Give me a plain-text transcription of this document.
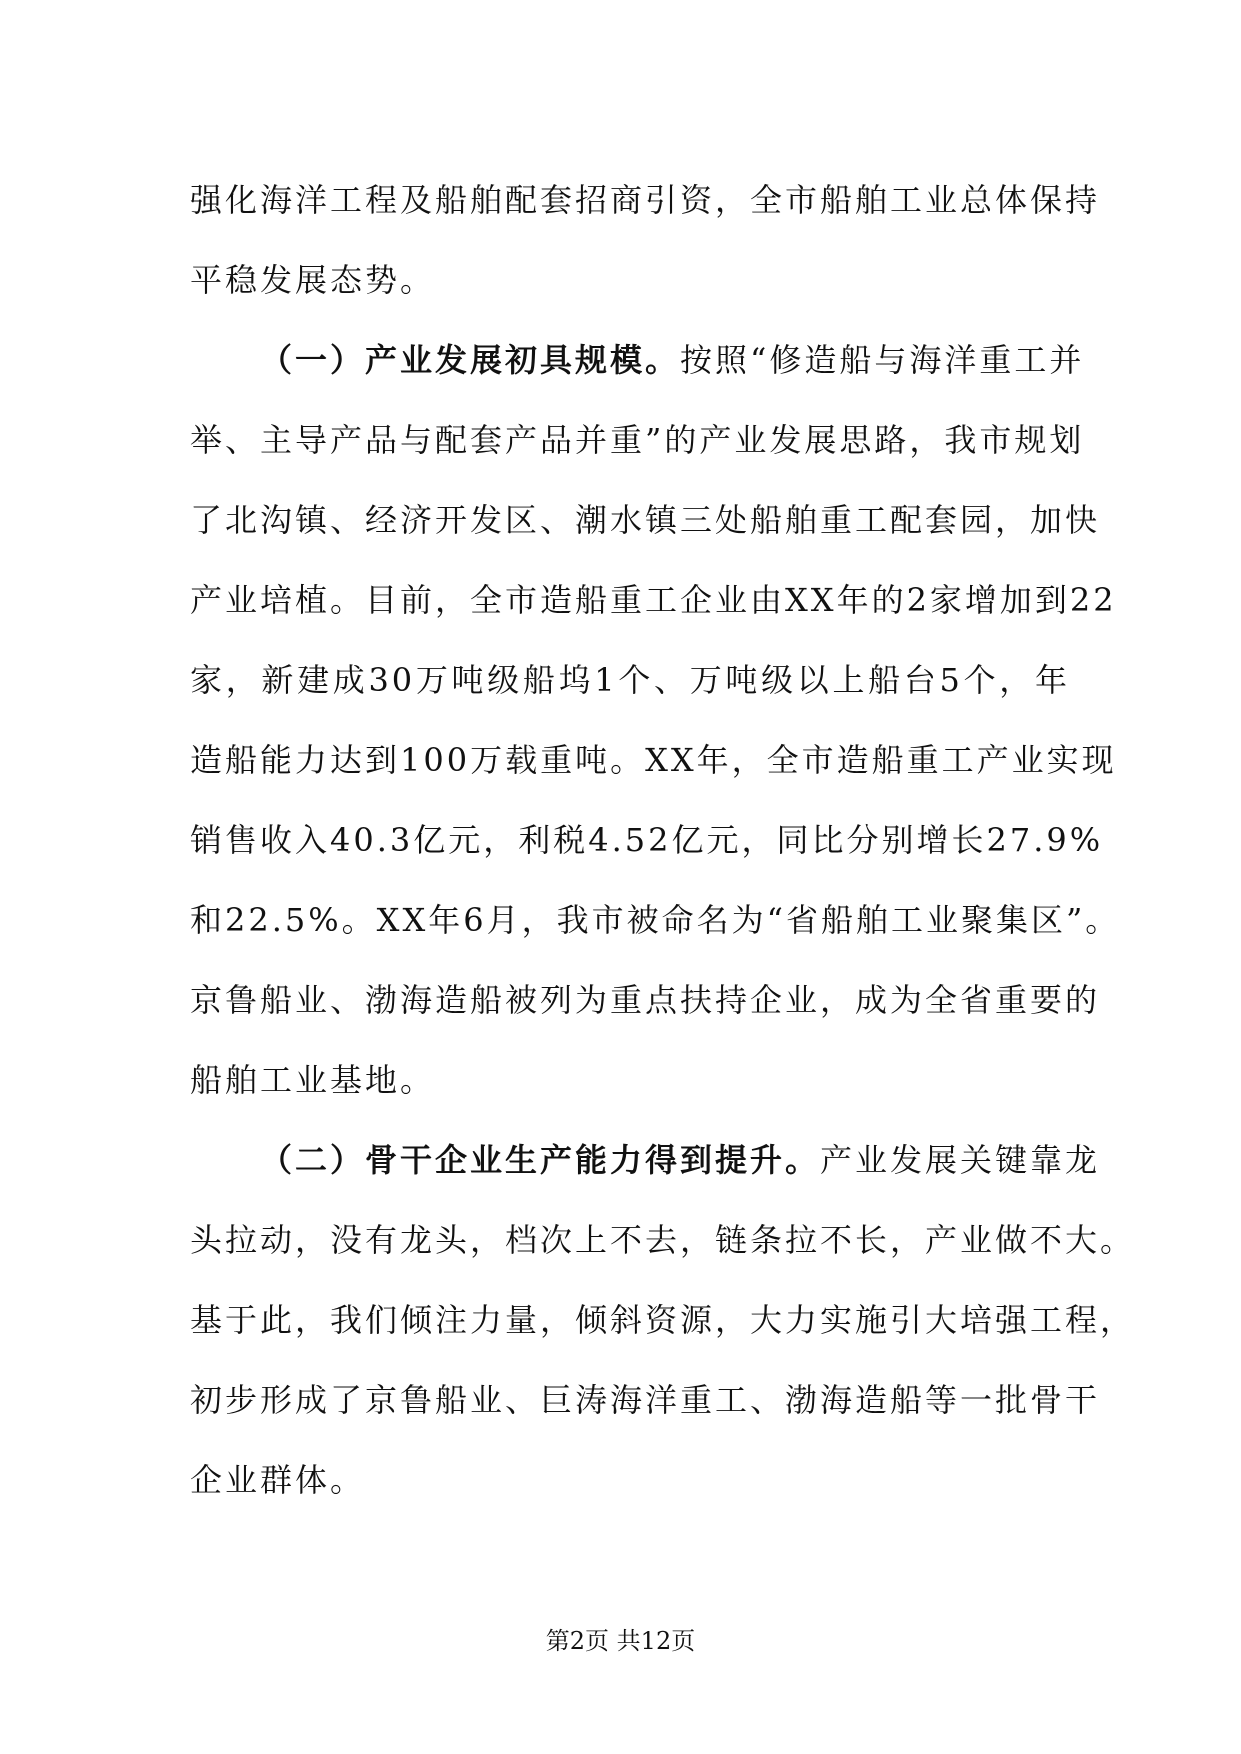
强化海洋工程及船舶配套招商引资，全市船舶工业总体保持
平稳发展态势。
（一）产业发展初具规模。按照“修造船与海洋重工并
举、主导产品与配套产品并重”的产业发展思路，我市规划
了北沟镇、经济开发区、潮水镇三处船舶重工配套园，加快
产业培植。目前，全市造船重工企业由XX年的2家增加到22
家，新建成30万吨级船坞1个、万吨级以上船台5个，年
造船能力达到100万载重吨。XX年，全市造船重工产业实现
销售收入40.3亿元，利税4.52亿元，同比分别增长27.9%
和22.5%。XX年6月，我市被命名为“省船舶工业聚集区”。
京鲁船业、渤海造船被列为重点扶持企业，成为全省重要的
船舶工业基地。
（二）骨干企业生产能力得到提升。产业发展关键靠龙
头拉动，没有龙头，档次上不去，链条拉不长，产业做不大。
基于此，我们倾注力量，倾斜资源，大力实施引大培强工程，
初步形成了京鲁船业、巨涛海洋重工、渤海造船等一批骨干
企业群体。
第2页 共12页
